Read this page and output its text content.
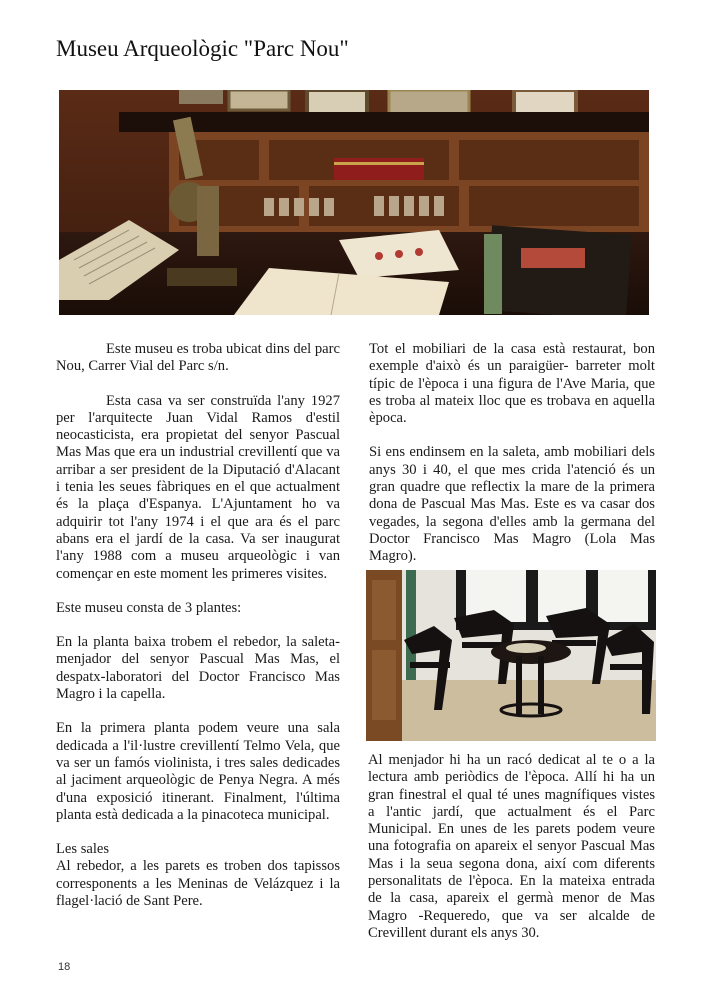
Museu Arqueològic "Parc Nou"

Este museu es troba ubicat dins del parc Nou, Carrer Vial del Parc s/n.

Esta casa va ser construïda l'any 1927 per l'arquitecte Juan Vidal Ramos d'estil neocasticista, era propietat del senyor Pascual Mas Mas que era un industrial crevillentí que va arribar a ser president de la Diputació d'Alacant i tenia les seues fàbriques en el que actualment és la plaça d'Espanya. L'Ajuntament ho va adquirir tot l'any 1974 i el que ara és el parc abans era el jardí de la casa. Va ser inaugurat l'any 1988 com a museu arqueològic i van començar en este moment les primeres visites.

Este museu consta de 3 plantes:

En la planta baixa trobem el rebedor, la saleta-menjador del senyor Pascual Mas Mas, el despatx-laboratori del Doctor Francisco Mas Magro i la capella.

En la primera planta podem veure una sala dedicada a l'il·lustre crevillentí Telmo Vela, que va ser un famós violinista, i tres sales dedicades al jaciment arqueològic de Penya Negra. A més d'una exposició itinerant. Finalment, l'última planta està dedicada a la pinacoteca municipal.

Les sales

Al rebedor, a les parets es troben dos tapissos corresponents a les Meninas de Velázquez i la flagel·lació de Sant Pere.

Tot el mobiliari de la casa està restaurat, bon exemple d'això és un paraigüer- barreter molt típic de l'època i una figura de l'Ave Maria, que es troba al mateix lloc que es trobava en aquella època.

Si ens endinsem en la saleta, amb mobiliari dels anys 30 i 40, el que mes crida l'atenció és un gran quadre que reflectix la mare de la primera dona de Pascual Mas Mas. Este es va casar dos vegades, la segona d'elles amb la germana del Doctor Francisco Mas Magro (Lola Mas Magro).

Al menjador hi ha un racó dedicat al te o a la lectura amb periòdics de l'època. Allí hi ha un gran finestral el qual té unes magnífiques vistes a l'antic jardí, que actualment és el Parc Municipal. En unes de les parets podem veure una fotografia on apareix el senyor Pascual Mas Mas i la seua segona dona, així com diferents personalitats de l'època. En la mateixa entrada de la casa, apareix el germà menor de Mas Magro -Requeredo, que va ser alcalde de Crevillent durant els anys 30.

18
